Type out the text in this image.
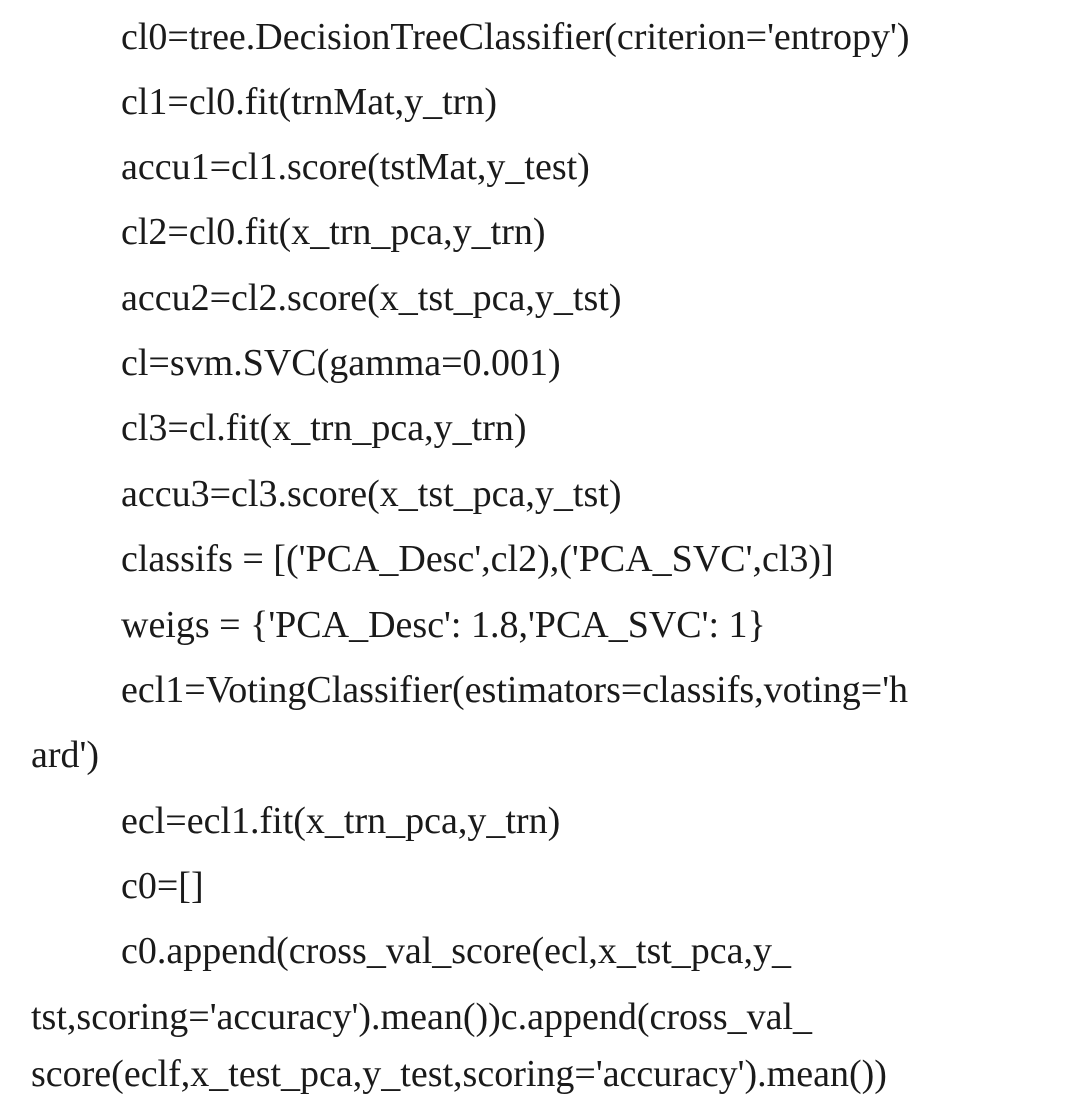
cl0=tree.DecisionTreeClassifier(criterion='entropy')
cl1=cl0.fit(trnMat,y_trn)
accu1=cl1.score(tstMat,y_test)
cl2=cl0.fit(x_trn_pca,y_trn)
accu2=cl2.score(x_tst_pca,y_tst)
cl=svm.SVC(gamma=0.001)
cl3=cl.fit(x_trn_pca,y_trn)
accu3=cl3.score(x_tst_pca,y_tst)
classifs = [('PCA_Desc',cl2),('PCA_SVC',cl3)]
weigs = {'PCA_Desc': 1.8,'PCA_SVC': 1}
ecl1=VotingClassifier(estimators=classifs,voting='h
ard')
ecl=ecl1.fit(x_trn_pca,y_trn)
c0=[]
c0.append(cross_val_score(ecl,x_tst_pca,y_
tst,scoring='accuracy').mean())c.append(cross_val_
score(eclf,x_test_pca,y_test,scoring='accuracy').mean())
